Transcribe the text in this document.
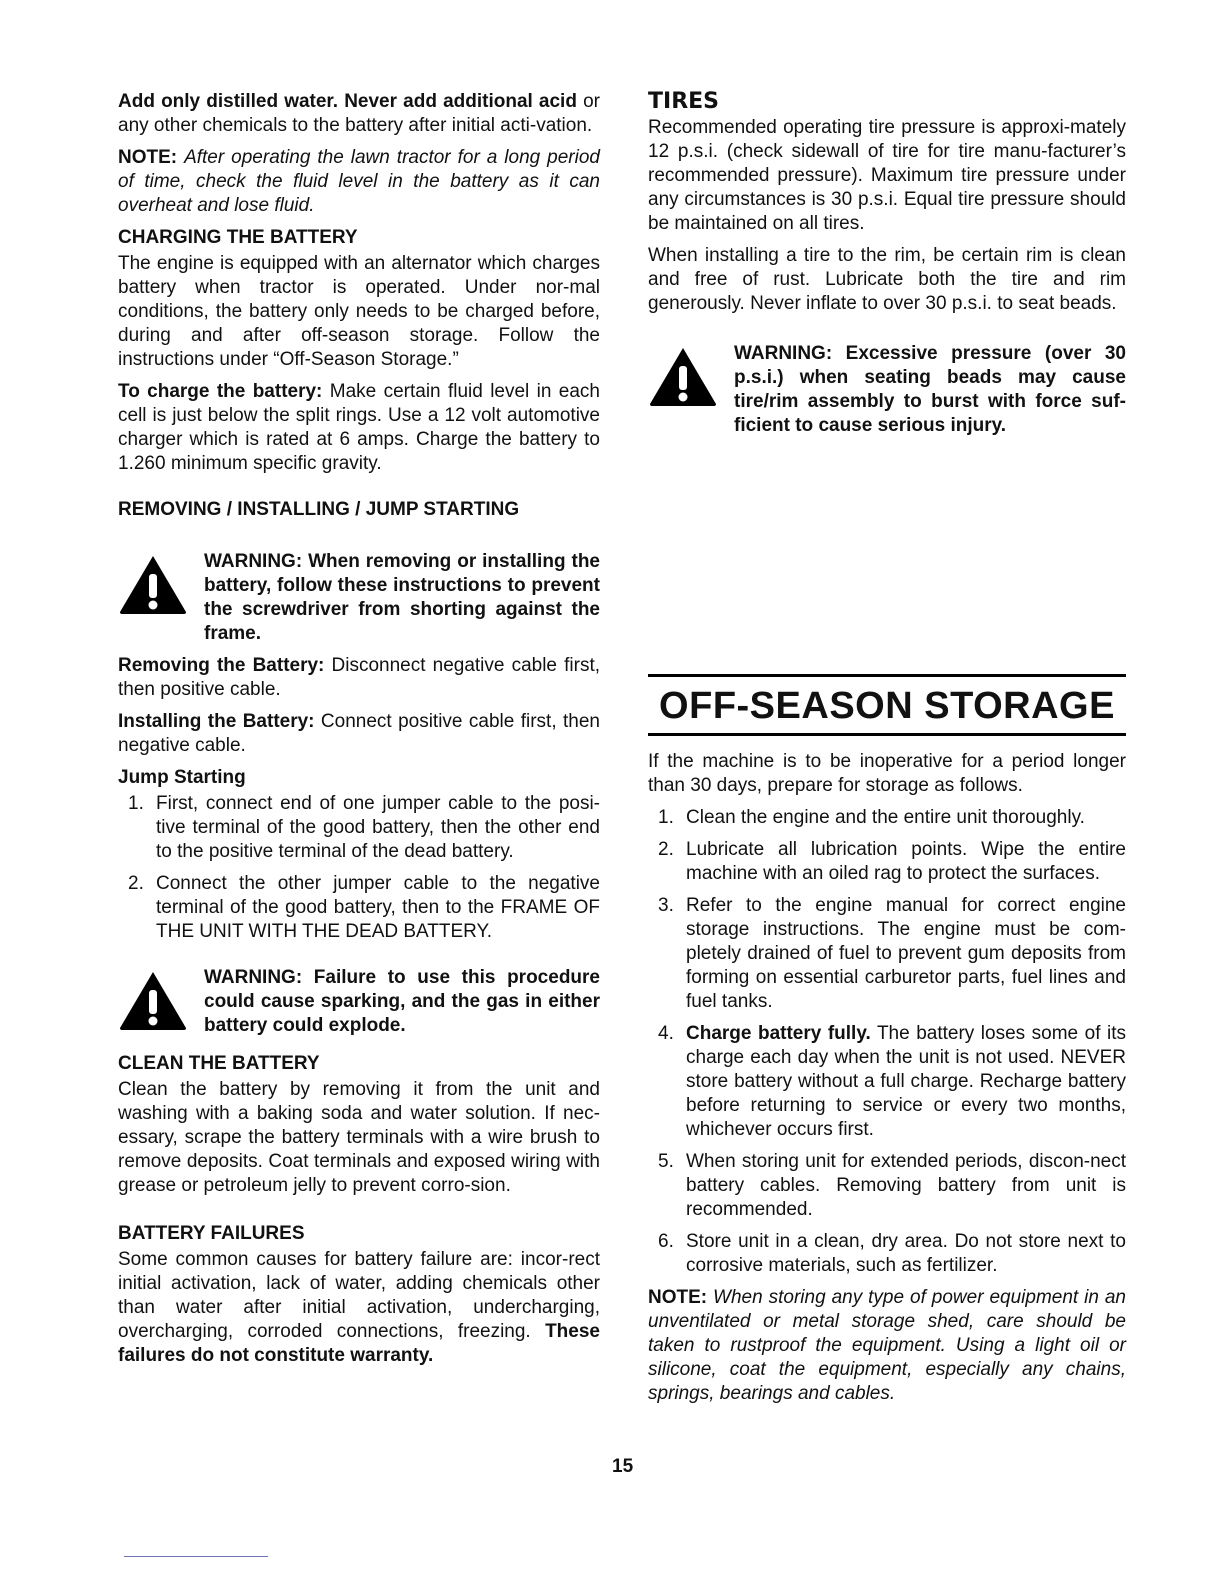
Add only distilled water. Never add additional acid or any other chemicals to the battery after initial acti-vation.

NOTE: After operating the lawn tractor for a long period of time, check the fluid level in the battery as it can overheat and lose fluid.

CHARGING THE BATTERY

The engine is equipped with an alternator which charges battery when tractor is operated. Under nor-mal conditions, the battery only needs to be charged before, during and after off-season storage. Follow the instructions under “Off-Season Storage.”

To charge the battery: Make certain fluid level in each cell is just below the split rings. Use a 12 volt automotive charger which is rated at 6 amps. Charge the battery to 1.260 minimum specific gravity.

REMOVING / INSTALLING / JUMP STARTING
WARNING: When removing or installing the battery, follow these instructions to prevent the screwdriver from shorting against the frame.

Removing the Battery: Disconnect negative cable first, then positive cable.

Installing the Battery: Connect positive cable first, then negative cable.

Jump Starting
1. First, connect end of one jumper cable to the posi-tive terminal of the good battery, then the other end to the positive terminal of the dead battery.
2. Connect the other jumper cable to the negative terminal of the good battery, then to the FRAME OF THE UNIT WITH THE DEAD BATTERY.
WARNING: Failure to use this procedure could cause sparking, and the gas in either battery could explode.
CLEAN THE BATTERY

Clean the battery by removing it from the unit and washing with a baking soda and water solution. If nec-essary, scrape the battery terminals with a wire brush to remove deposits. Coat terminals and exposed wiring with grease or petroleum jelly to prevent corro-sion.

BATTERY FAILURES

Some common causes for battery failure are: incor-rect initial activation, lack of water, adding chemicals other than water after initial activation, undercharging, overcharging, corroded connections, freezing. These failures do not constitute warranty.

TIRES

Recommended operating tire pressure is approxi-mately 12 p.s.i. (check sidewall of tire for tire manu-facturer’s recommended pressure). Maximum tire pressure under any circumstances is 30 p.s.i. Equal tire pressure should be maintained on all tires.

When installing a tire to the rim, be certain rim is clean and free of rust. Lubricate both the tire and rim generously. Never inflate to over 30 p.s.i. to seat beads.

WARNING: Excessive pressure (over 30 p.s.i.) when seating beads may cause tire/rim assembly to burst with force suf-ficient to cause serious injury.
OFF-SEASON STORAGE

If the machine is to be inoperative for a period longer than 30 days, prepare for storage as follows.

1. Clean the engine and the entire unit thoroughly.
2. Lubricate all lubrication points. Wipe the entire machine with an oiled rag to protect the surfaces.
3. Refer to the engine manual for correct engine storage instructions. The engine must be com-pletely drained of fuel to prevent gum deposits from forming on essential carburetor parts, fuel lines and fuel tanks.
4. Charge battery fully. The battery loses some of its charge each day when the unit is not used. NEVER store battery without a full charge. Recharge battery before returning to service or every two months, whichever occurs first.
5. When storing unit for extended periods, discon-nect battery cables. Removing battery from unit is recommended.
6. Store unit in a clean, dry area. Do not store next to corrosive materials, such as fertilizer.

NOTE: When storing any type of power equipment in an unventilated or metal storage shed, care should be taken to rustproof the equipment. Using a light oil or silicone, coat the equipment, especially any chains, springs, bearings and cables.

15
